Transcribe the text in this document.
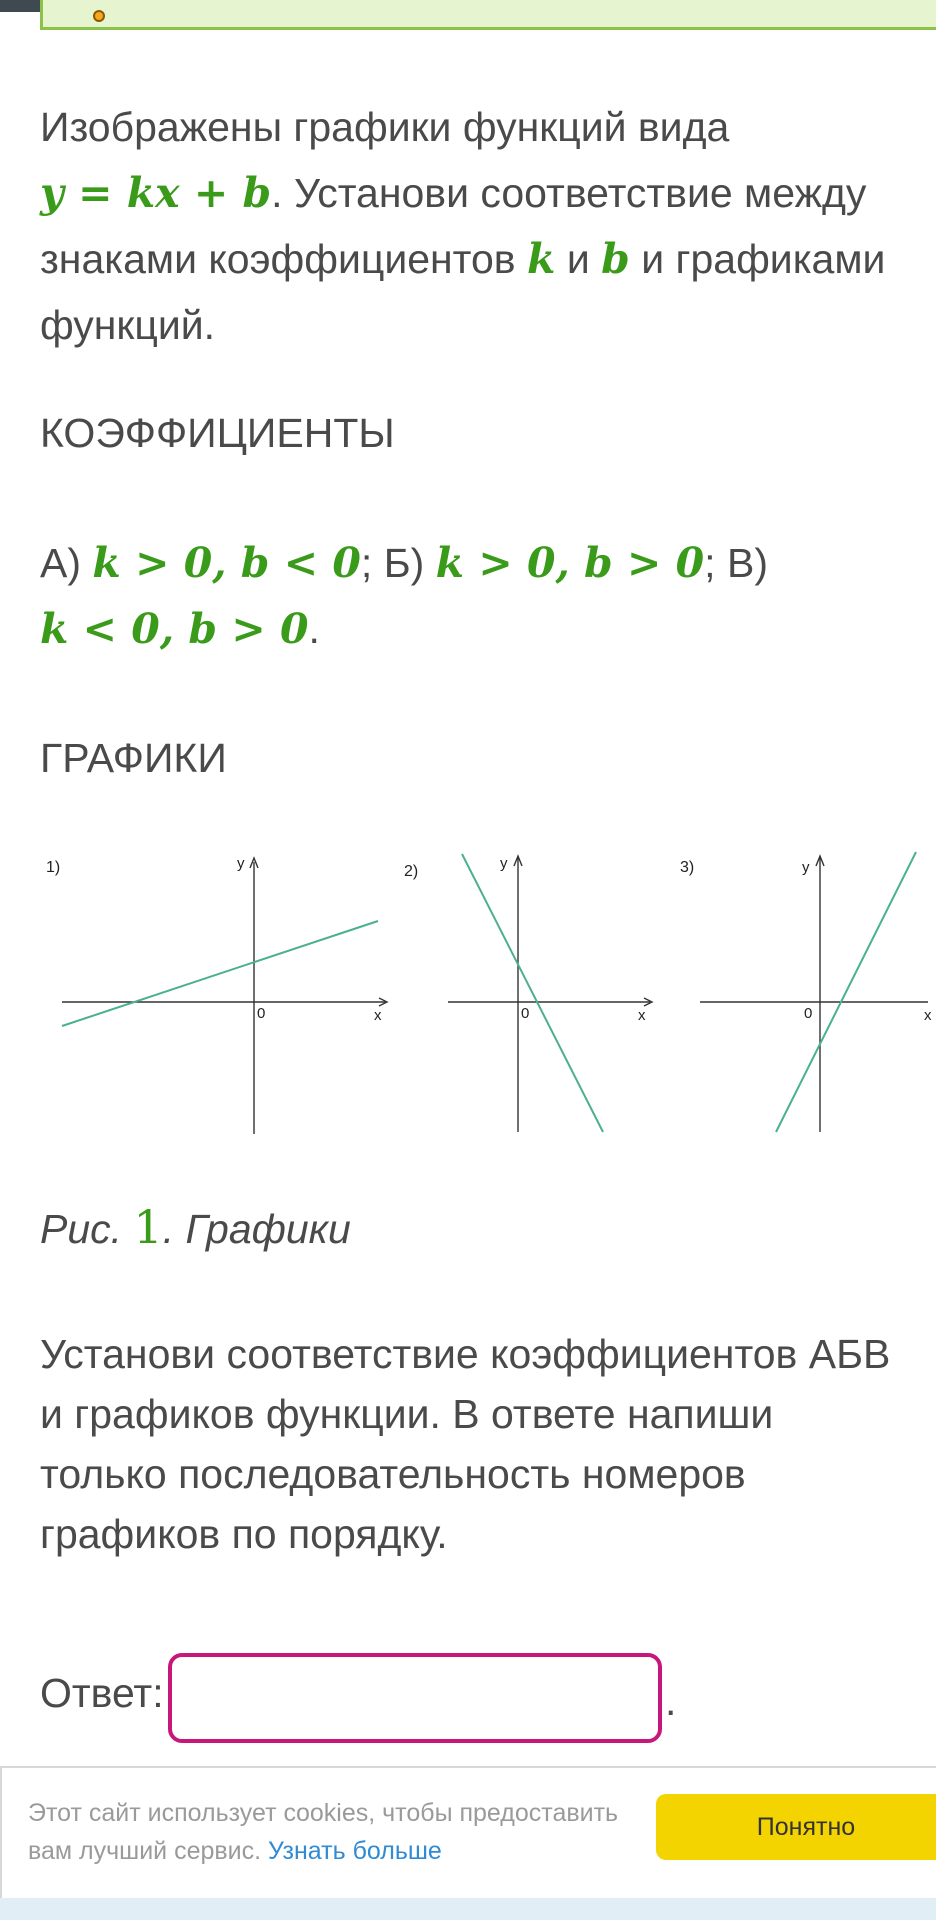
Изображены графики функций вида
y = kx + b. Установи соответствие между знаками коэффициентов k и b и графиками функций.
КОЭФФИЦИЕНТЫ
А) k > 0, b < 0; Б) k > 0, b > 0; В)
k < 0, b > 0.
ГРАФИКИ
1)	y
x
0
2)	y
x
0
3)	y
x
0
Рис. 1. Графики
Установи соответствие коэффициентов АБВ и графиков функции. В ответе напиши только последовательность номеров графиков по порядку.
Ответ:	.
Этот сайт использует cookies, чтобы предоставить вам лучший сервис. Узнать больше
Понятно
